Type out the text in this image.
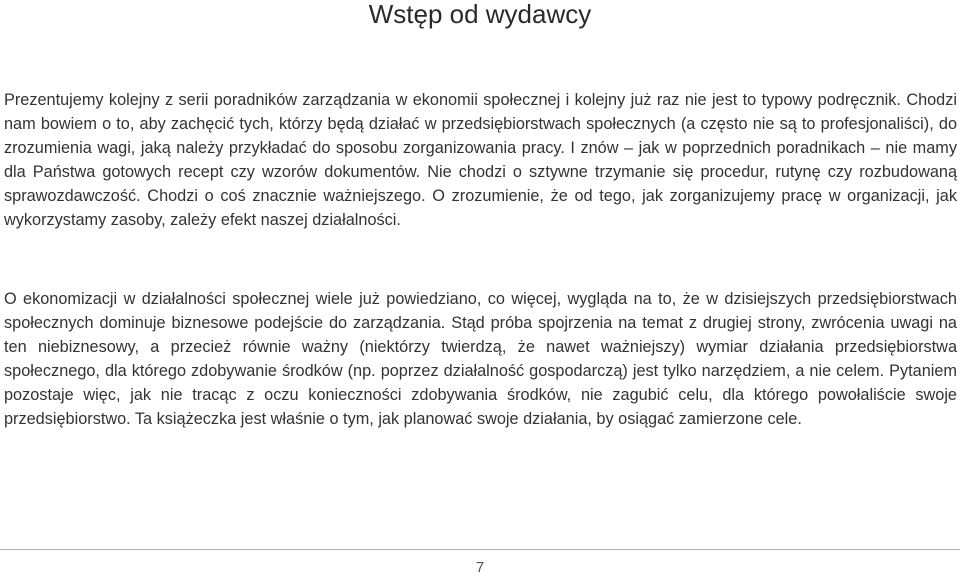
Wstęp od wydawcy

Prezentujemy kolejny z serii poradników zarządzania w ekonomii społecznej i kolejny już raz nie jest to typowy podręcznik. Chodzi nam bowiem o to, aby zachęcić tych, którzy będą działać w przedsiębiorstwach społecznych (a często nie są to profesjonaliści), do zrozumienia wagi, jaką należy przykładać do sposobu zorganizowania pracy. I znów – jak w poprzednich poradnikach – nie mamy dla Państwa gotowych recept czy wzorów dokumentów. Nie chodzi o sztywne trzymanie się procedur, rutynę czy rozbudowaną sprawozdawczość. Chodzi o coś znacznie ważniejszego. O zrozumienie, że od tego, jak zorganizujemy pracę w organizacji, jak wykorzystamy zasoby, zależy efekt naszej działalności.

O ekonomizacji w działalności społecznej wiele już powiedziano, co więcej, wygląda na to, że w dzisiejszych przedsiębiorstwach społecznych dominuje biznesowe podejście do zarządzania. Stąd próba spojrzenia na temat z drugiej strony, zwrócenia uwagi na ten niebiznesowy, a przecież równie ważny (niektórzy twierdzą, że nawet ważniejszy) wymiar działania przedsiębiorstwa społecznego, dla którego zdobywanie środków (np. poprzez działalność gospodarczą) jest tylko narzędziem, a nie celem. Pytaniem pozostaje więc, jak nie tracąc z oczu konieczności zdobywania środków, nie zagubić celu, dla którego powołaliście swoje przedsiębiorstwo. Ta książeczka jest właśnie o tym, jak planować swoje działania, by osiągać zamierzone cele.

7
